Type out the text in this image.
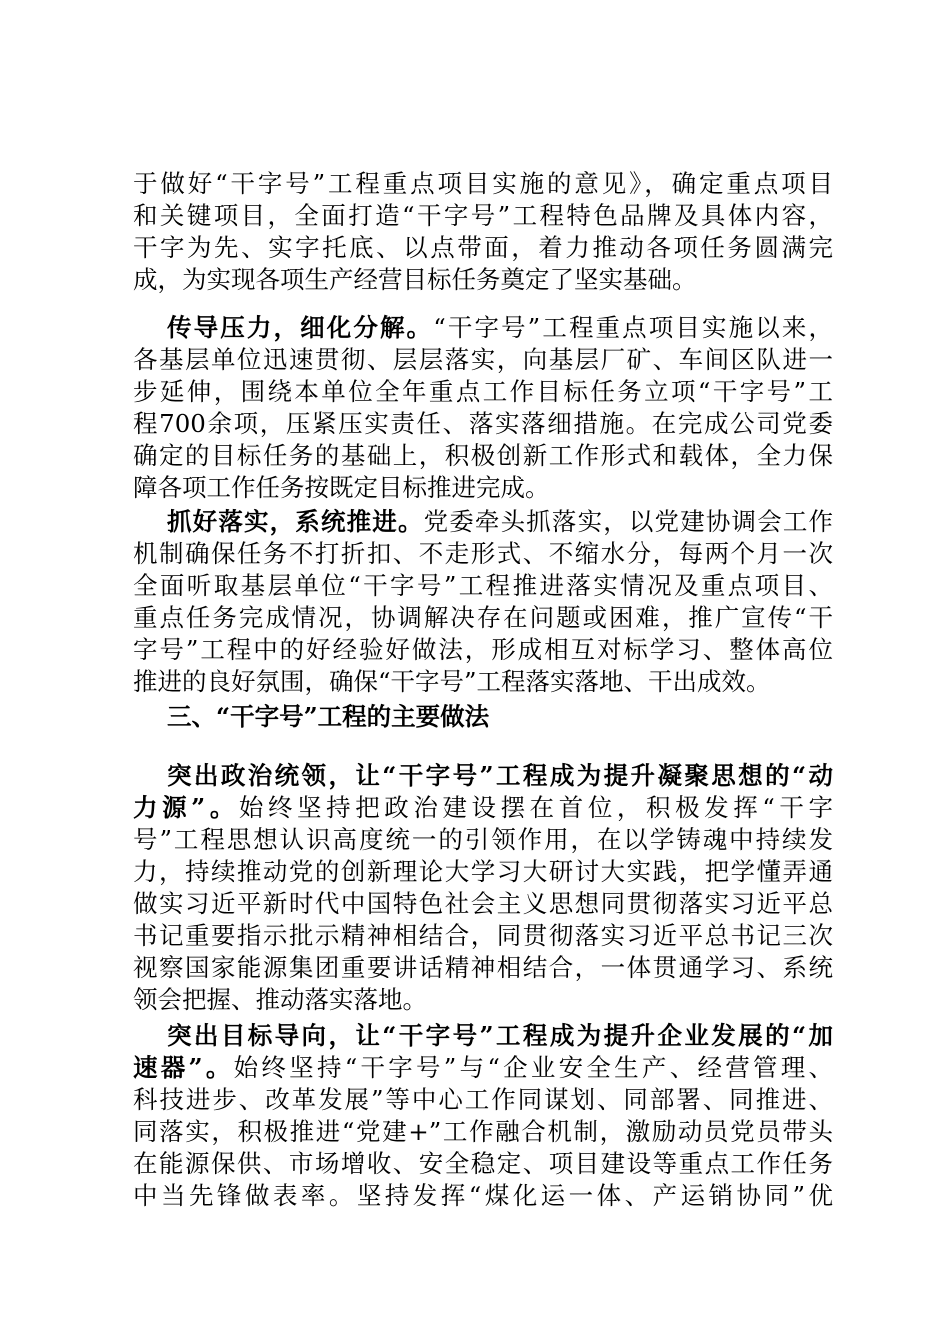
于做好“干字号”工程重点项目实施的意见》，确定重点项目
和关键项目，全面打造“干字号”工程特色品牌及具体内容，
干字为先、实字托底、以点带面，着力推动各项任务圆满完
成，为实现各项生产经营目标任务奠定了坚实基础。
传导压力，细化分解。“干字号”工程重点项目实施以来，
各基层单位迅速贯彻、层层落实，向基层厂矿、车间区队进一
步延伸，围绕本单位全年重点工作目标任务立项“干字号”工
程700余项，压紧压实责任、落实落细措施。在完成公司党委
确定的目标任务的基础上，积极创新工作形式和载体，全力保
障各项工作任务按既定目标推进完成。
抓好落实，系统推进。党委牵头抓落实，以党建协调会工作
机制确保任务不打折扣、不走形式、不缩水分，每两个月一次
全面听取基层单位“干字号”工程推进落实情况及重点项目、
重点任务完成情况，协调解决存在问题或困难，推广宣传“干
字号”工程中的好经验好做法，形成相互对标学习、整体高位
推进的良好氛围，确保“干字号”工程落实落地、干出成效。
三、“干字号”工程的主要做法
突出政治统领，让“干字号”工程成为提升凝聚思想的“动
力源”。始终坚持把政治建设摆在首位，积极发挥“干字
号”工程思想认识高度统一的引领作用，在以学铸魂中持续发
力，持续推动党的创新理论大学习大研讨大实践，把学懂弄通
做实习近平新时代中国特色社会主义思想同贯彻落实习近平总
书记重要指示批示精神相结合，同贯彻落实习近平总书记三次
视察国家能源集团重要讲话精神相结合，一体贯通学习、系统
领会把握、推动落实落地。
突出目标导向，让“干字号”工程成为提升企业发展的“加
速器”。始终坚持“干字号”与“企业安全生产、经营管理、
科技进步、改革发展”等中心工作同谋划、同部署、同推进、
同落实，积极推进“党建+”工作融合机制，激励动员党员带头
在能源保供、市场增收、安全稳定、项目建设等重点工作任务
中当先锋做表率。坚持发挥“煤化运一体、产运销协同”优
